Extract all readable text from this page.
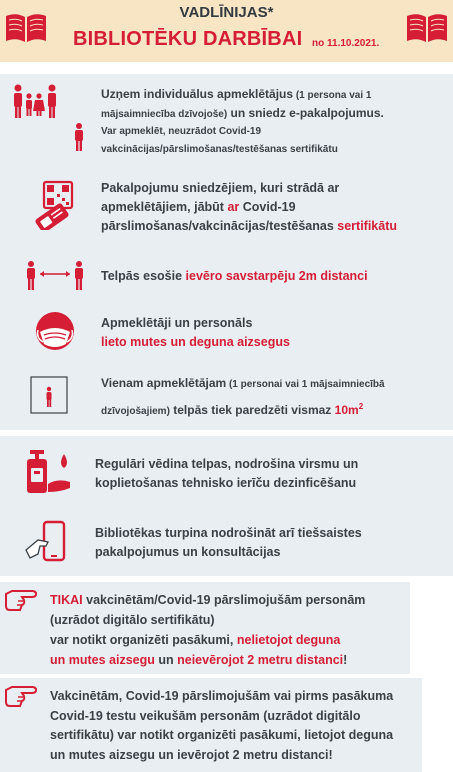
VADLĪNIJAS*
BIBLIOTĒKU DARBĪBAI no 11.10.2021.
Uzņem individuālus apmeklētājus (1 persona vai 1
mājsaimniecība dzīvojoše) un sniedz e-pakalpojumus.
Var apmeklēt, neuzrādot Covid-19
vakcinācijas/pārslimošanas/testēšanas sertifikātu
Pakalpojumu sniedzējiem, kuri strādā ar
apmeklētājiem, jābūt ar Covid-19
pārslimošanas/vakcinācijas/testēšanas sertifikātu
Telpās esošie ievēro savstarpēju 2m distanci
Apmeklētāji un personāls
lieto mutes un deguna aizsegus
Vienam apmeklētājam (1 personai vai 1 mājsaimniecībā
dzīvojošajiem) telpās tiek paredzēti vismaz $10m^2$
Regulāri vēdina telpas, nodrošina virsmu un
koplietošanas tehnisko ierīču dezinficēšanu
Bibliotēkas turpina nodrošināt arī tiešsaistes
pakalpojumus un konsultācijas
TIKAI vakcinētām/Covid-19 pārslimojušām personām
(uzrādot digitālo sertifikātu)
var notikt organizēti pasākumi, nelietojot deguna
un mutes aizsegu un neievērojot 2 metru distanci!
Vakcinētām, Covid-19 pārslimojušām vai pirms pasākuma
Covid-19 testu veikušām personām (uzrādot digitālo
sertifikātu) var notikt organizēti pasākumi, lietojot deguna
un mutes aizsegu un ievērojot 2 metru distanci!
